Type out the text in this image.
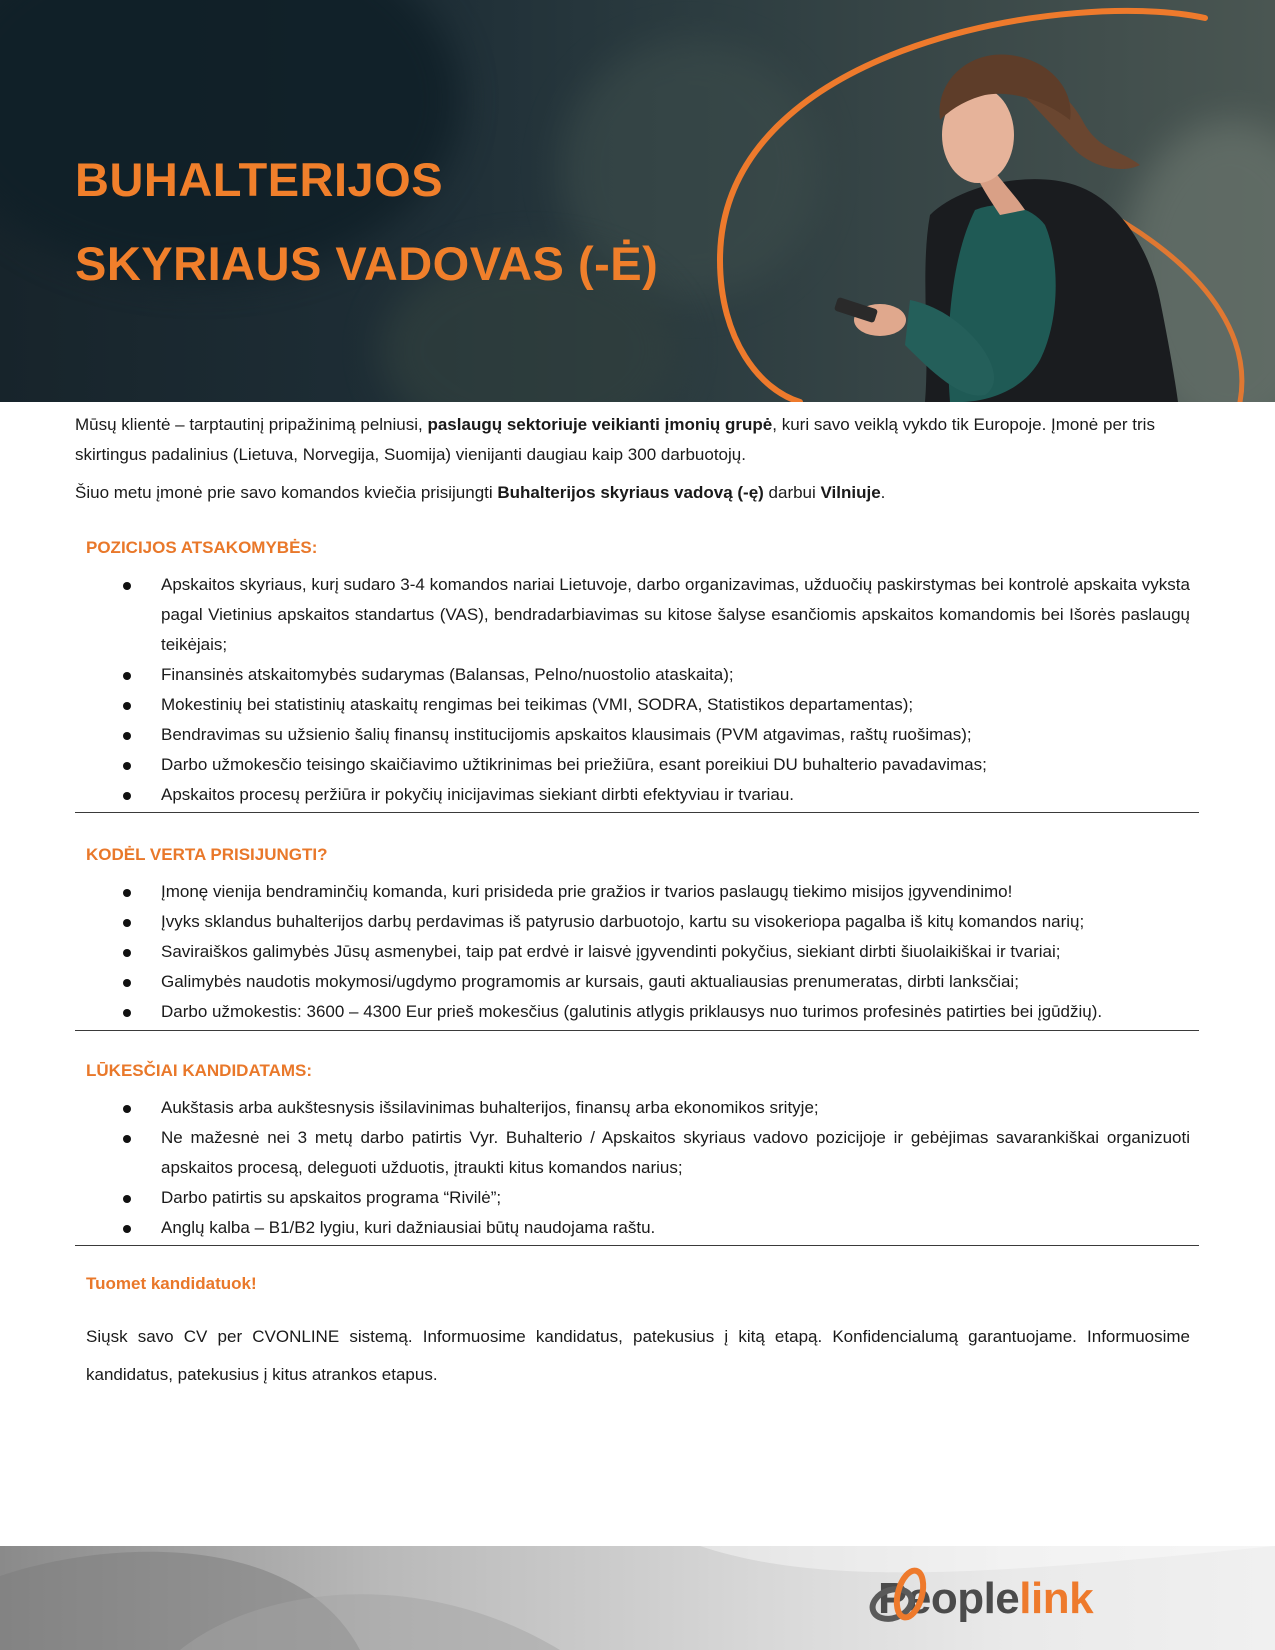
BUHALTERIJOS
SKYRIAUS VADOVAS (-Ė)

Mūsų klientė – tarptautinį pripažinimą pelniusi, paslaugų sektoriuje veikianti įmonių grupė, kuri savo veiklą vykdo tik Europoje. Įmonė per tris skirtingus padalinius (Lietuva, Norvegija, Suomija) vienijanti daugiau kaip 300 darbuotojų.

Šiuo metu įmonė prie savo komandos kviečia prisijungti Buhalterijos skyriaus vadovą (-ę) darbui Vilniuje.

POZICIJOS ATSAKOMYBĖS:
Apskaitos skyriaus, kurį sudaro 3-4 komandos nariai Lietuvoje, darbo organizavimas, užduočių paskirstymas bei kontrolė apskaita vyksta pagal Vietinius apskaitos standartus (VAS), bendradarbiavimas su kitose šalyse esančiomis apskaitos komandomis bei Išorės paslaugų teikėjais;
Finansinės atskaitomybės sudarymas (Balansas, Pelno/nuostolio ataskaita);
Mokestinių bei statistinių ataskaitų rengimas bei teikimas (VMI, SODRA, Statistikos departamentas);
Bendravimas su užsienio šalių finansų institucijomis apskaitos klausimais (PVM atgavimas, raštų ruošimas);
Darbo užmokesčio teisingo skaičiavimo užtikrinimas bei priežiūra, esant poreikiui DU buhalterio pavadavimas;
Apskaitos procesų peržiūra ir pokyčių inicijavimas siekiant dirbti efektyviau ir tvariau.
KODĖL VERTA PRISIJUNGTI?
Įmonę vienija bendraminčių komanda, kuri prisideda prie gražios ir tvarios paslaugų tiekimo misijos įgyvendinimo!
Įvyks sklandus buhalterijos darbų perdavimas iš patyrusio darbuotojo, kartu su visokeriopa pagalba iš kitų komandos narių;
Saviraiškos galimybės Jūsų asmenybei, taip pat erdvė ir laisvė įgyvendinti pokyčius, siekiant dirbti šiuolaikiškai ir tvariai;
Galimybės naudotis mokymosi/ugdymo programomis ar kursais, gauti aktualiausias prenumeratas, dirbti lanksčiai;
Darbo užmokestis: 3600 – 4300 Eur prieš mokesčius (galutinis atlygis priklausys nuo turimos profesinės patirties bei įgūdžių).
LŪKESČIAI KANDIDATAMS:
Aukštasis arba aukštesnysis išsilavinimas buhalterijos, finansų arba ekonomikos srityje;
Ne mažesnė nei 3 metų darbo patirtis Vyr. Buhalterio / Apskaitos skyriaus vadovo pozicijoje ir gebėjimas savarankiškai organizuoti apskaitos procesą, deleguoti užduotis, įtraukti kitus komandos narius;
Darbo patirtis su apskaitos programa “Rivilė”;
Anglų kalba – B1/B2 lygiu, kuri dažniausiai būtų naudojama raštu.
Tuomet kandidatuok!

Siųsk savo CV per CVONLINE sistemą. Informuosime kandidatus, patekusius į kitą etapą. Konfidencialumą garantuojame. Informuosime kandidatus, patekusius į kitus atrankos etapus.

Peoplelink
